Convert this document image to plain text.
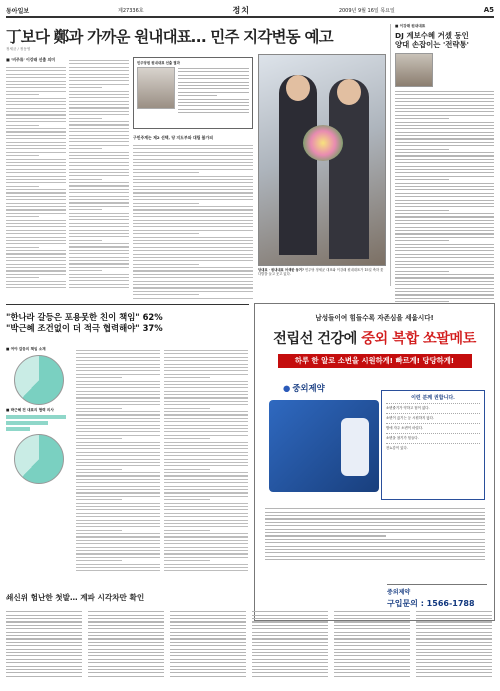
동아일보	제27336호	정치	2009년 9월 16일 목요일	A5
丁보다 鄭과 가까운 원내대표… 민주 지각변동 예고
정세균 / 정동영
■ '비주류' 이강래 선출 의미
민주당원 원내대표 선출 결과
구민주계는 제2 선택, 당 지도부와 대립 불가피
당대표 · 원내대표 어색한 동거? 민주당 정세균 대표와 이강래 원내대표가 15일 축하 꽃다발을 들고 웃고 있다.
■ 이강래 원내대표
DJ 계보수혜 거셌 동인
양대 손잡이는 '전략통'
"한나라 갈등은 포용못한 친이 책임" 62%
"박근혜 조건없이 더 적극 협력해야" 37%
■ 여야 갈등의 책임 소재
■ 박근혜 전 대표의 협력 의사
남성들이여 힘들수록 자존심을 세웁시다!
전립선 건강에 중외 복합 쏘팔메토
하루 한 알로 소변을 시원하게! 빠르게! 당당하게!
● 중외제약
이런 분께 권합니다.
소변줄기가 약하고 힘이 없다.
소변이 끊기는 등 시원하지 않다.
밤에 자주 소변이 마렵다.
소변을 참기가 힘들다.
잔뇨감이 있다.
중외제약
구입문의 : 1566-1788
쇄신위 험난한 첫발… 계파 시각차만 확인
